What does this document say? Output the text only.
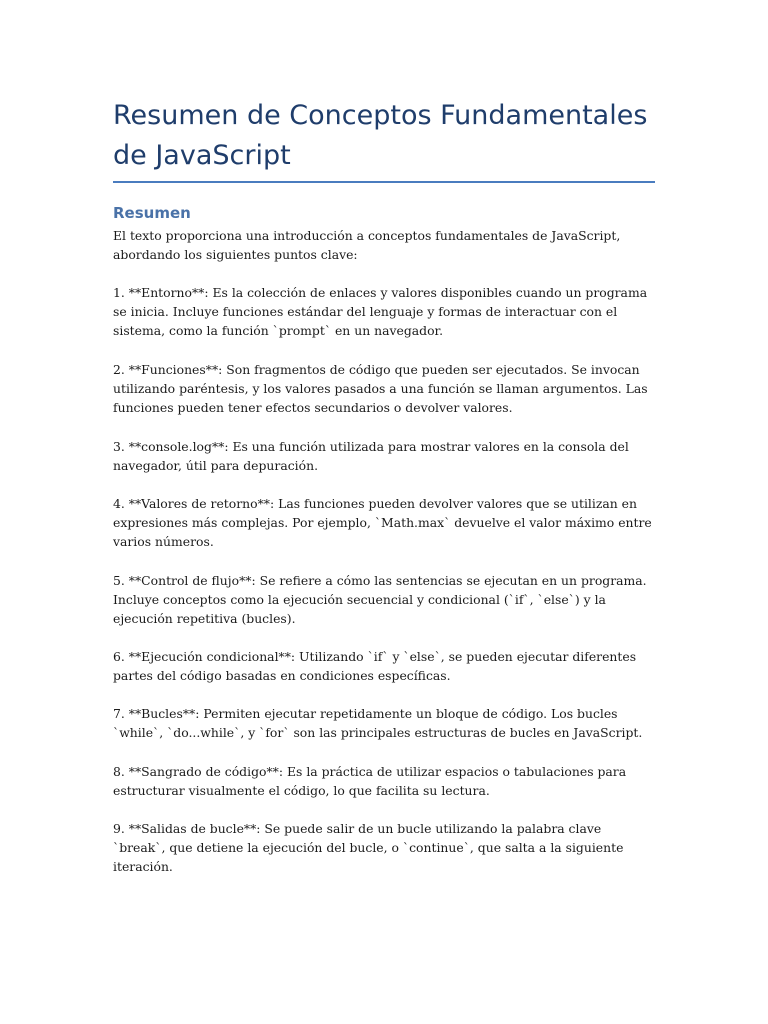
Resumen de Conceptos Fundamentales de JavaScript
Resumen

El texto proporciona una introducción a conceptos fundamentales de JavaScript, abordando los siguientes puntos clave:

1. **Entorno**: Es la colección de enlaces y valores disponibles cuando un programa se inicia. Incluye funciones estándar del lenguaje y formas de interactuar con el sistema, como la función `prompt` en un navegador.

2. **Funciones**: Son fragmentos de código que pueden ser ejecutados. Se invocan utilizando paréntesis, y los valores pasados a una función se llaman argumentos. Las funciones pueden tener efectos secundarios o devolver valores.

3. **console.log**: Es una función utilizada para mostrar valores en la consola del navegador, útil para depuración.

4. **Valores de retorno**: Las funciones pueden devolver valores que se utilizan en expresiones más complejas. Por ejemplo, `Math.max` devuelve el valor máximo entre varios números.

5. **Control de flujo**: Se refiere a cómo las sentencias se ejecutan en un programa. Incluye conceptos como la ejecución secuencial y condicional (`if`, `else`) y la ejecución repetitiva (bucles).

6. **Ejecución condicional**: Utilizando `if` y `else`, se pueden ejecutar diferentes partes del código basadas en condiciones específicas.

7. **Bucles**: Permiten ejecutar repetidamente un bloque de código. Los bucles `while`, `do...while`, y `for` son las principales estructuras de bucles en JavaScript.

8. **Sangrado de código**: Es la práctica de utilizar espacios o tabulaciones para estructurar visualmente el código, lo que facilita su lectura.

9. **Salidas de bucle**: Se puede salir de un bucle utilizando la palabra clave `break`, que detiene la ejecución del bucle, o `continue`, que salta a la siguiente iteración.
